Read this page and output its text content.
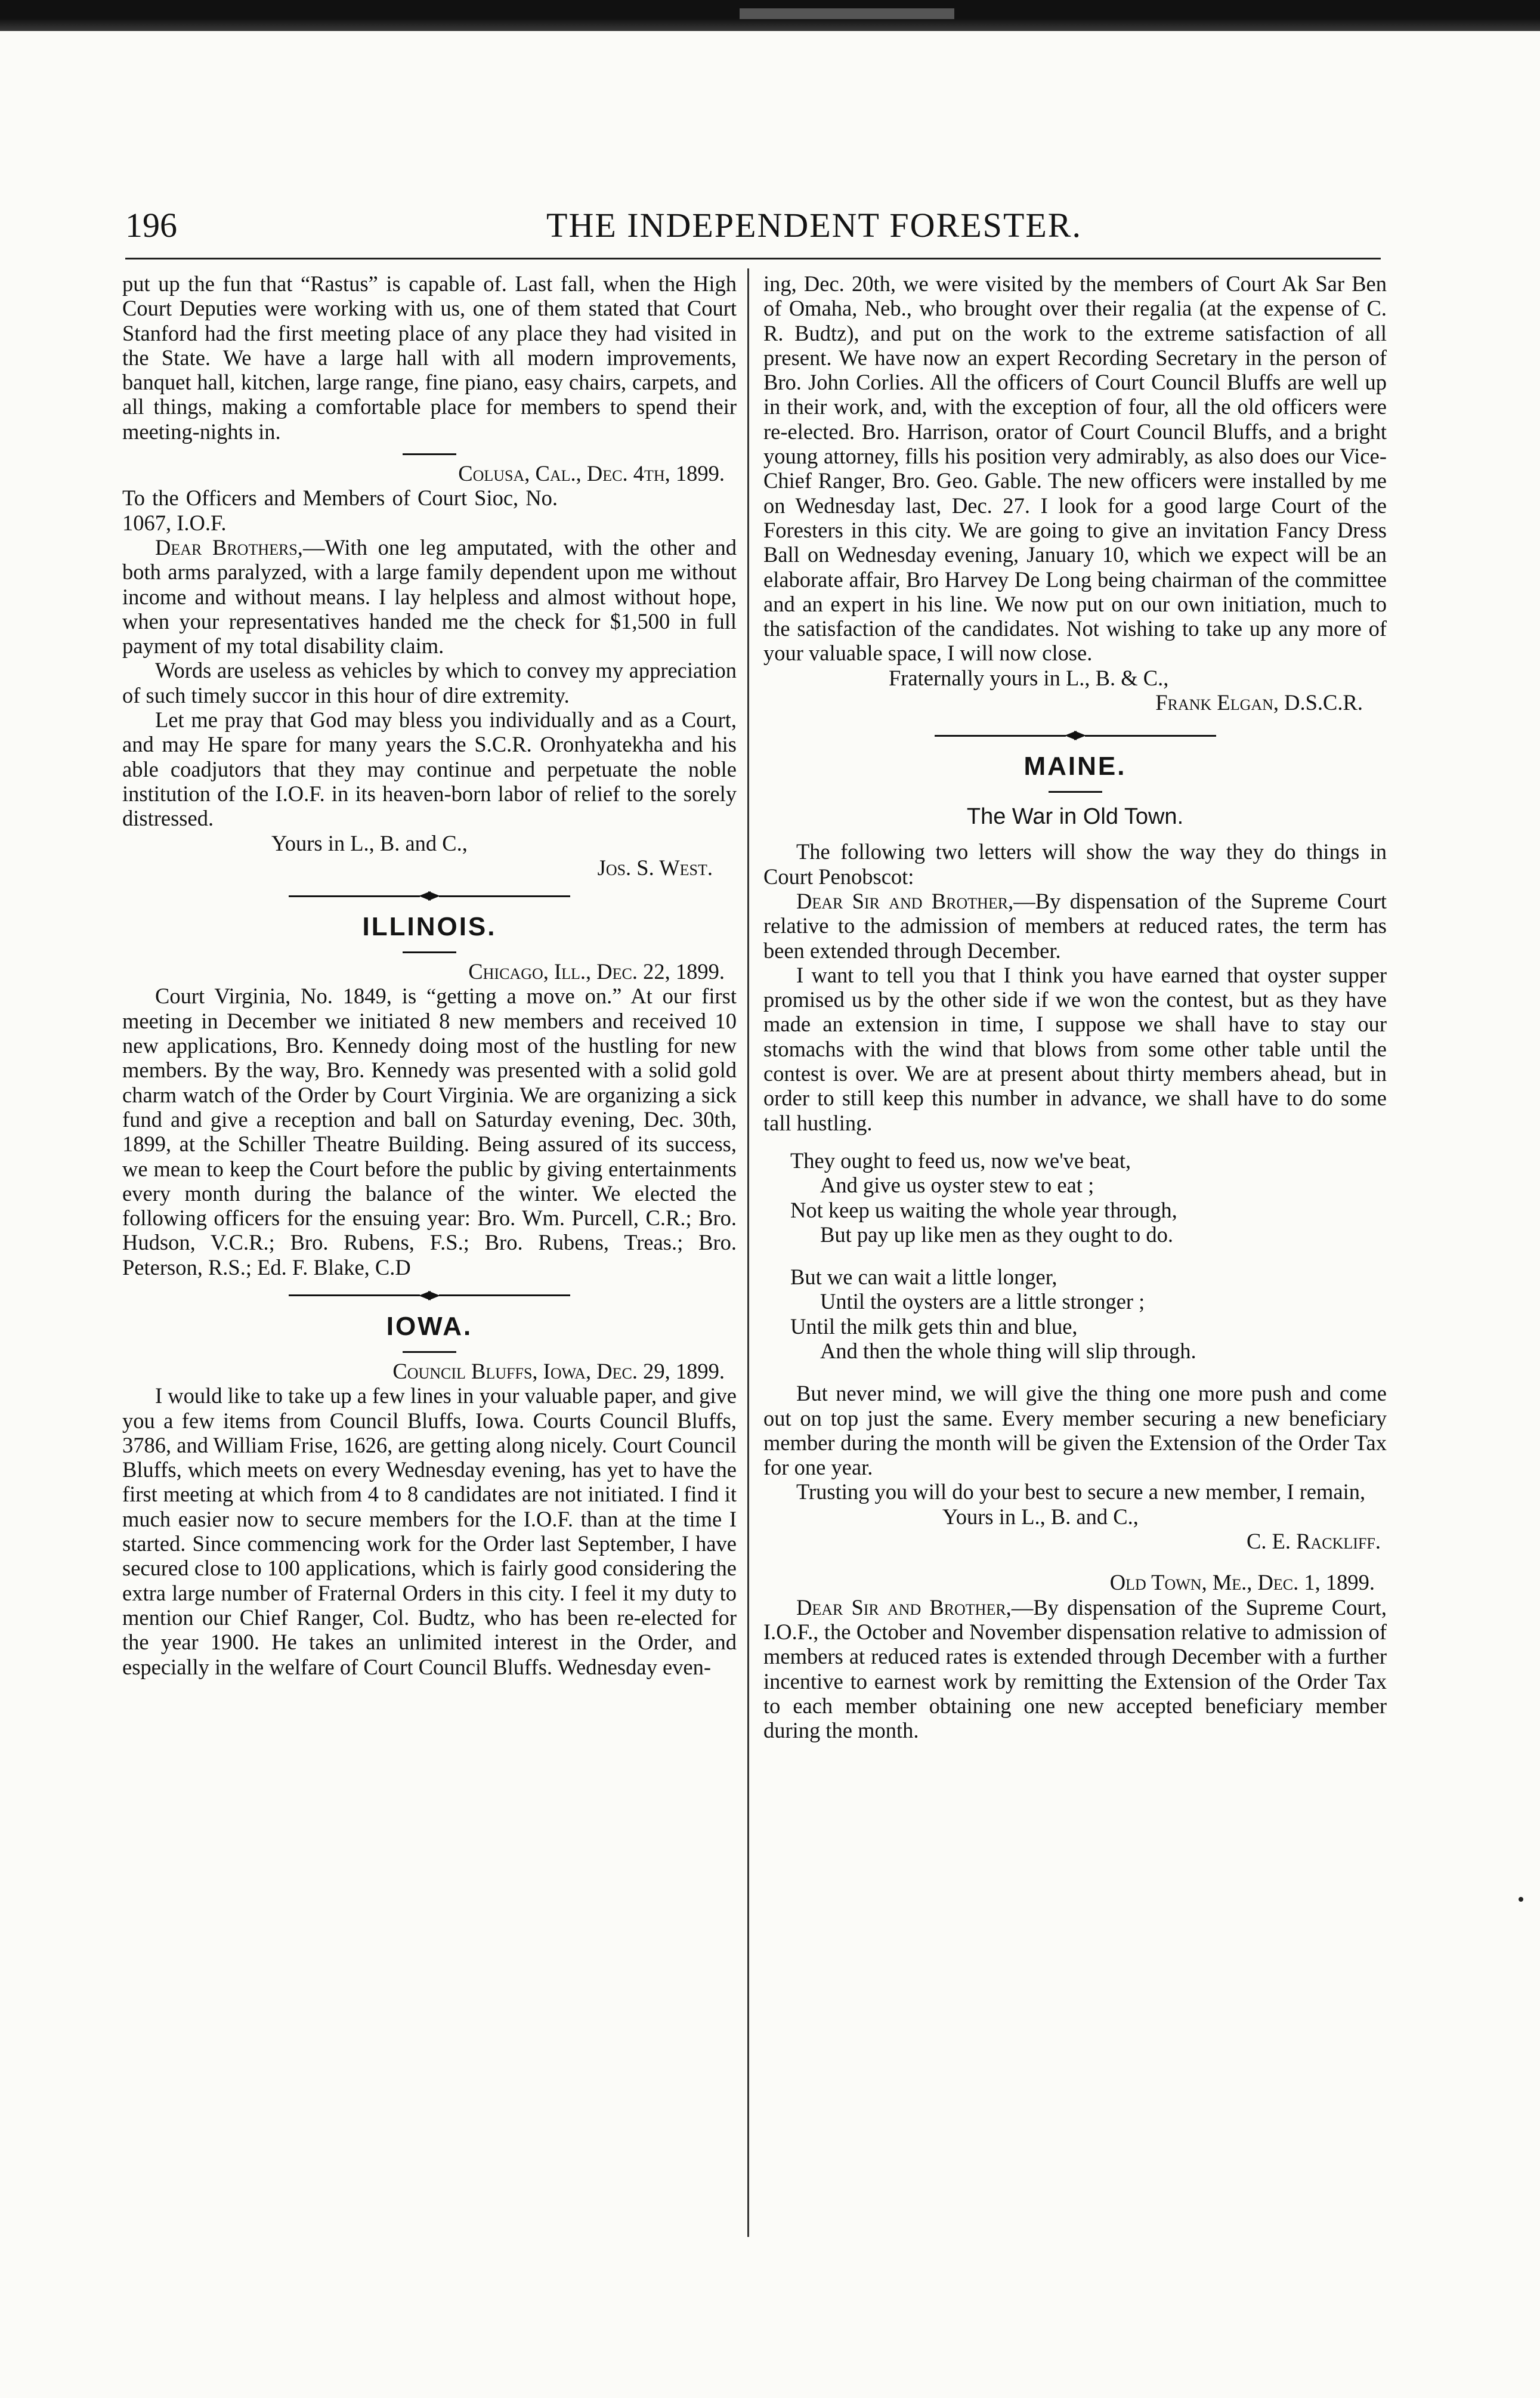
196	THE INDEPENDENT FORESTER.

put up the fun that “Rastus” is capable of. Last fall, when the High Court Deputies were working with us, one of them stated that Court Stanford had the first meeting place of any place they had visited in the State. We have a large hall with all modern improvements, banquet hall, kitchen, large range, fine piano, easy chairs, carpets, and all things, making a comfortable place for members to spend their meeting-nights in.

Colusa, Cal., Dec. 4th, 1899.

To the Officers and Members of Court Sioc, No. 1067, I.O.F.

Dear Brothers,—With one leg amputated, with the other and both arms paralyzed, with a large family dependent upon me without income and without means. I lay helpless and almost without hope, when your representatives handed me the check for $1,500 in full payment of my total disability claim.

Words are useless as vehicles by which to convey my appreciation of such timely succor in this hour of dire extremity.

Let me pray that God may bless you individually and as a Court, and may He spare for many years the S.C.R. Oronhyatekha and his able coadjutors that they may continue and perpetuate the noble institution of the I.O.F. in its heaven-born labor of relief to the sorely distressed.

Yours in L., B. and C.,

Jos. S. West.

ILLINOIS.

Chicago, Ill., Dec. 22, 1899.

Court Virginia, No. 1849, is “getting a move on.” At our first meeting in December we initiated 8 new members and received 10 new applications, Bro. Kennedy doing most of the hustling for new members. By the way, Bro. Kennedy was presented with a solid gold charm watch of the Order by Court Virginia. We are organizing a sick fund and give a reception and ball on Saturday evening, Dec. 30th, 1899, at the Schiller Theatre Building. Being assured of its success, we mean to keep the Court before the public by giving entertainments every month during the balance of the winter. We elected the following officers for the ensuing year: Bro. Wm. Purcell, C.R.; Bro. Hudson, V.C.R.; Bro. Rubens, F.S.; Bro. Rubens, Treas.; Bro. Peterson, R.S.; Ed. F. Blake, C.D

IOWA.

Council Bluffs, Iowa, Dec. 29, 1899.

I would like to take up a few lines in your valuable paper, and give you a few items from Council Bluffs, Iowa. Courts Council Bluffs, 3786, and William Frise, 1626, are getting along nicely. Court Council Bluffs, which meets on every Wednesday evening, has yet to have the first meeting at which from 4 to 8 candidates are not initiated. I find it much easier now to secure members for the I.O.F. than at the time I started. Since commencing work for the Order last September, I have secured close to 100 applications, which is fairly good considering the extra large number of Fraternal Orders in this city. I feel it my duty to mention our Chief Ranger, Col. Budtz, who has been re-elected for the year 1900. He takes an unlimited interest in the Order, and especially in the welfare of Court Council Bluffs. Wednesday even-

ing, Dec. 20th, we were visited by the members of Court Ak Sar Ben of Omaha, Neb., who brought over their regalia (at the expense of C. R. Budtz), and put on the work to the extreme satisfaction of all present. We have now an expert Recording Secretary in the person of Bro. John Corlies. All the officers of Court Council Bluffs are well up in their work, and, with the exception of four, all the old officers were re-elected. Bro. Harrison, orator of Court Council Bluffs, and a bright young attorney, fills his position very admirably, as also does our Vice-Chief Ranger, Bro. Geo. Gable. The new officers were installed by me on Wednesday last, Dec. 27. I look for a good large Court of the Foresters in this city. We are going to give an invitation Fancy Dress Ball on Wednesday evening, January 10, which we expect will be an elaborate affair, Bro Harvey De Long being chairman of the committee and an expert in his line. We now put on our own initiation, much to the satisfaction of the candidates. Not wishing to take up any more of your valuable space, I will now close.

Fraternally yours in L., B. & C.,

Frank Elgan, D.S.C.R.

MAINE.
The War in Old Town.

The following two letters will show the way they do things in Court Penobscot:

Dear Sir and Brother,—By dispensation of the Supreme Court relative to the admission of members at reduced rates, the term has been extended through December.

I want to tell you that I think you have earned that oyster supper promised us by the other side if we won the contest, but as they have made an extension in time, I suppose we shall have to stay our stomachs with the wind that blows from some other table until the contest is over. We are at present about thirty members ahead, but in order to still keep this number in advance, we shall have to do some tall hustling.

They ought to feed us, now we've beat,

And give us oyster stew to eat ;

Not keep us waiting the whole year through,

But pay up like men as they ought to do.

But we can wait a little longer,

Until the oysters are a little stronger ;

Until the milk gets thin and blue,

And then the whole thing will slip through.

But never mind, we will give the thing one more push and come out on top just the same. Every member securing a new beneficiary member during the month will be given the Extension of the Order Tax for one year.

Trusting you will do your best to secure a new member, I remain,

Yours in L., B. and C.,

C. E. Rackliff.

Old Town, Me., Dec. 1, 1899.

Dear Sir and Brother,—By dispensation of the Supreme Court, I.O.F., the October and November dispensation relative to admission of members at reduced rates is extended through December with a further incentive to earnest work by remitting the Extension of the Order Tax to each member obtaining one new accepted beneficiary member during the month.
